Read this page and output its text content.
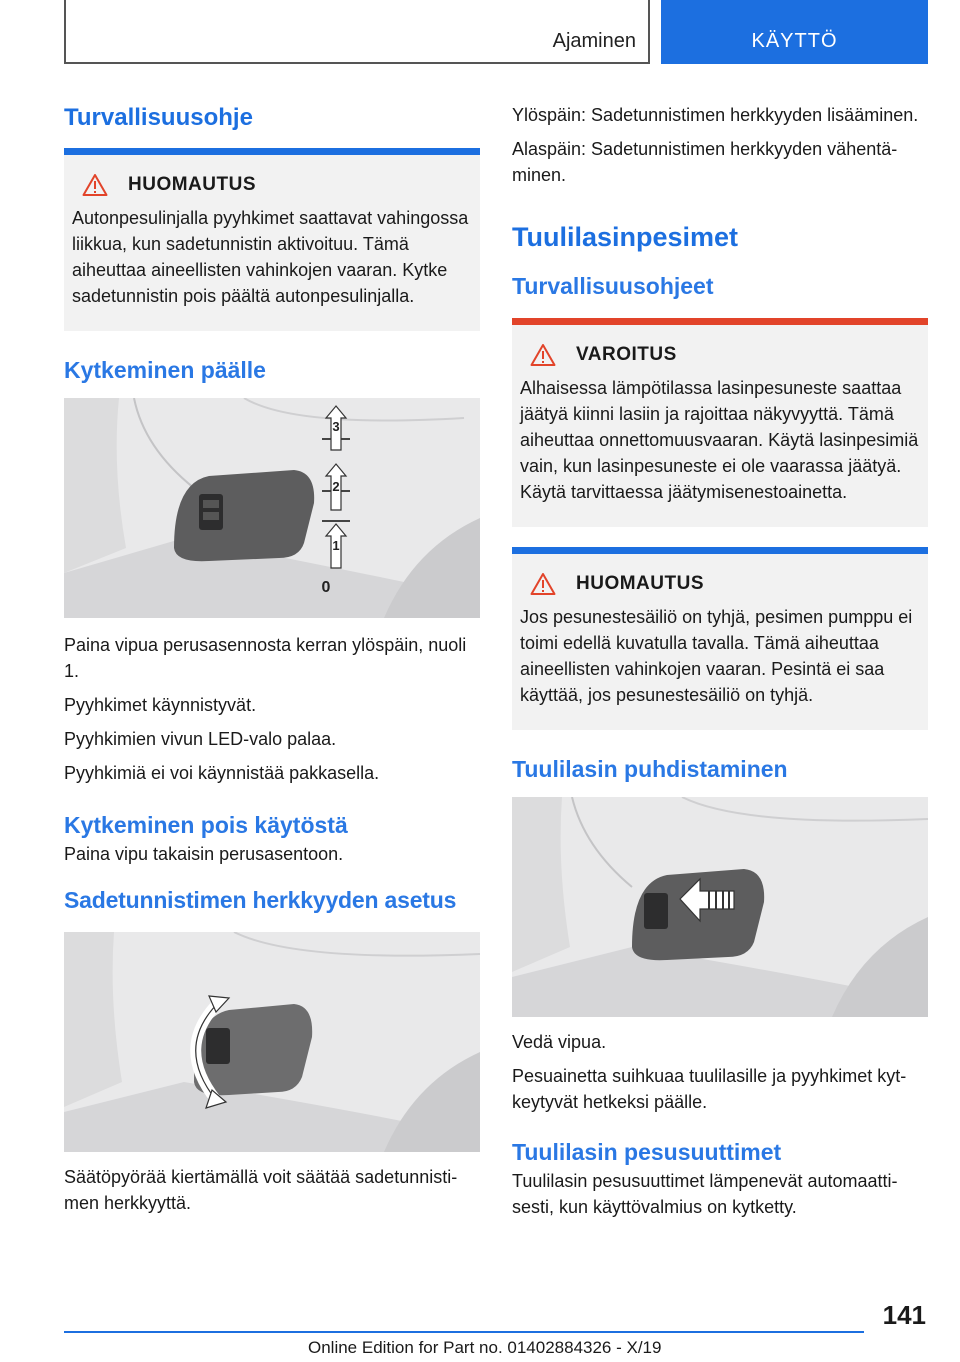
Ajaminen	KÄYTTÖ
Turvallisuusohje
HUOMAUTUS
Autonpesulinjalla pyyhkimet saattavat vahingossa liikkua, kun sadetunnistin aktivoituu. Tämä aiheuttaa aineellisten vahinkojen vaaran. Kytke sadetunnistin pois päältä autonpesulinjalla.
Kytkeminen päälle
3
2
1
0

Paina vipua perusasennosta kerran ylöspäin, nuoli 1.

Pyyhkimet käynnistyvät.

Pyyhkimien vivun LED-valo palaa.

Pyyhkimiä ei voi käynnistää pakkasella.

Kytkeminen pois käytöstä

Paina vipu takaisin perusasentoon.

Sadetunnistimen herkkyyden asetus

Säätöpyörää kiertämällä voit säätää sadetunnistimen herkkyyttä.

Ylöspäin: Sadetunnistimen herkkyyden lisääminen.

Alaspäin: Sadetunnistimen herkkyyden vähentäminen.

Tuulilasinpesimet
Turvallisuusohjeet
VAROITUS
Alhaisessa lämpötilassa lasinpesuneste saattaa jäätyä kiinni lasiin ja rajoittaa näkyvyyttä. Tämä aiheuttaa onnettomuusvaaran. Käytä lasinpesimiä vain, kun lasinpesuneste ei ole vaarassa jäätyä. Käytä tarvittaessa jäätymisenestoainetta.
HUOMAUTUS
Jos pesunestesäiliö on tyhjä, pesimen pumppu ei toimi edellä kuvatulla tavalla. Tämä aiheuttaa aineellisten vahinkojen vaaran. Pesintä ei saa käyttää, jos pesunestesäiliö on tyhjä.
Tuulilasin puhdistaminen

Vedä vipua.

Pesuainetta suihkuaa tuulilasille ja pyyhkimet kytkeytyvät hetkeksi päälle.

Tuulilasin pesusuuttimet

Tuulilasin pesusuuttimet lämpenevät automaattisesti, kun käyttövalmius on kytketty.

141
Online Edition for Part no. 01402884326 - X/19
